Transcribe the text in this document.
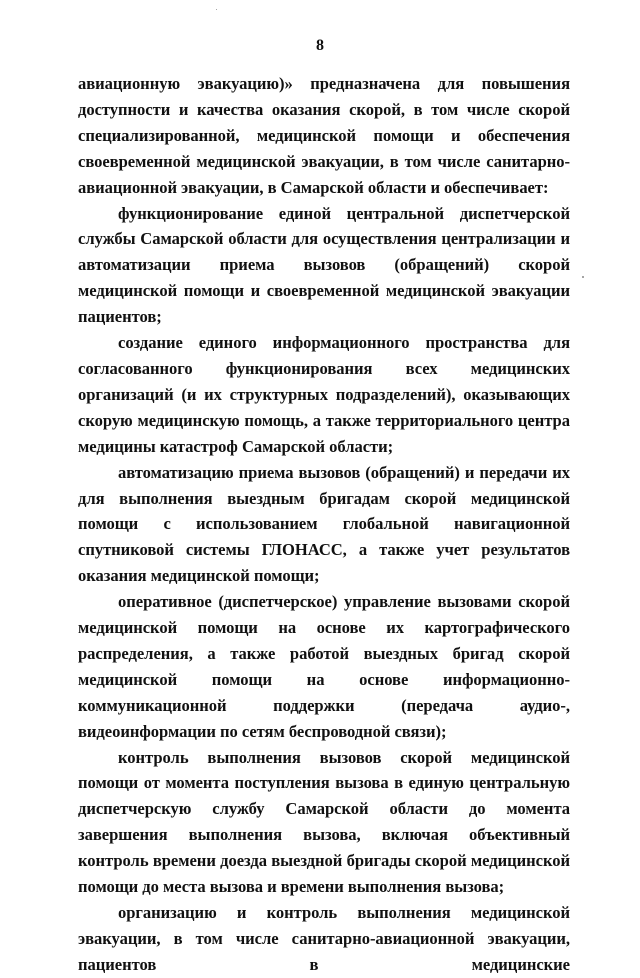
8

авиационную эвакуацию)» предназначена для повышения доступности и качества оказания скорой, в том числе скорой специализированной, медицинской помощи и обеспечения своевременной медицинской эвакуации, в том числе санитарно-авиационной эвакуации, в Самарской области и обеспечивает:

функционирование единой центральной диспетчерской службы Самарской области для осуществления централизации и автоматизации приема вызовов (обращений) скорой медицинской помощи и своевременной медицинской эвакуации пациентов;

создание единого информационного пространства для согласованного функционирования всех медицинских организаций (и их структурных подразделений), оказывающих скорую медицинскую помощь, а также территориального центра медицины катастроф Самарской области;

автоматизацию приема вызовов (обращений) и передачи их для выполнения выездным бригадам скорой медицинской помощи с использованием глобальной навигационной спутниковой системы ГЛОНАСС, а также учет результатов оказания медицинской помощи;

оперативное (диспетчерское) управление вызовами скорой медицинской помощи на основе их картографического распределения, а также работой выездных бригад скорой медицинской помощи на основе информационно-коммуникационной поддержки (передача аудио-, видеоинформации по сетям беспроводной связи);

контроль выполнения вызовов скорой медицинской помощи от момента поступления вызова в единую центральную диспетчерскую службу Самарской области до момента завершения выполнения вызова, включая объективный контроль времени доезда выездной бригады скорой медицинской помощи до места вызова и времени выполнения вызова;

организацию и контроль выполнения медицинской эвакуации, в том числе санитарно-авиационной эвакуации, пациентов в медицинские
